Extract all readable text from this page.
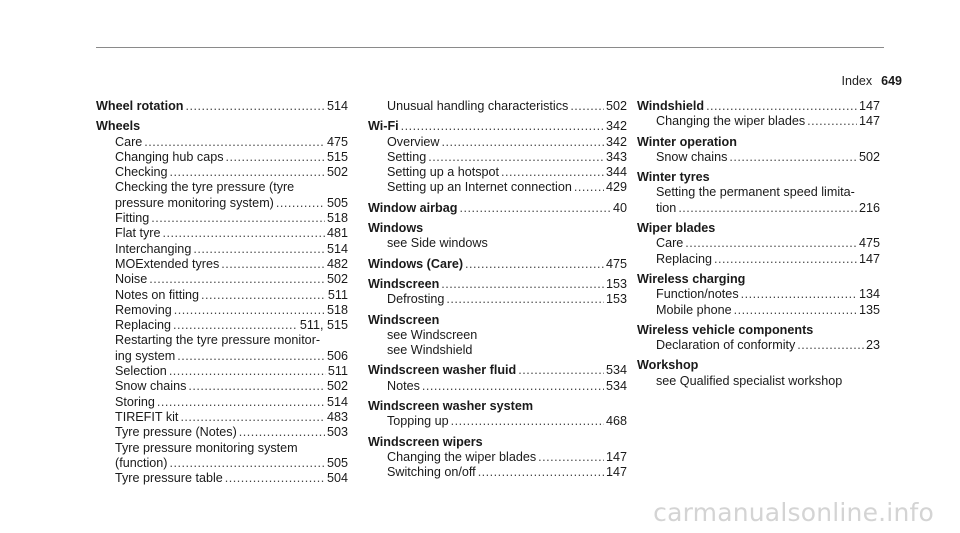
Index 649
Wheel rotation .....	514
Wheels
Care .....	475
Changing hub caps .....	515
Checking .....	502
Checking the tyre pressure (tyre
pressure monitoring system) .....	505
Fitting .....	518
Flat tyre .....	481
Interchanging .....	514
MOExtended tyres .....	482
Noise .....	502
Notes on fitting .....	511
Removing .....	518
Replacing .....	511, 515
Restarting the tyre pressure monitor-
ing system .....	506
Selection .....	511
Snow chains .....	502
Storing .....	514
TIREFIT kit .....	483
Tyre pressure (Notes) .....	503
Tyre pressure monitoring system
(function) .....	505
Tyre pressure table .....	504
Unusual handling characteristics .....	502
Wi-Fi .....	342
Overview .....	342
Setting .....	343
Setting up a hotspot .....	344
Setting up an Internet connection .....	429
Window airbag .....	40
Windows
see Side windows
Windows (Care) .....	475
Windscreen .....	153
Defrosting .....	153
Windscreen
see Windscreen
see Windshield
Windscreen washer fluid .....	534
Notes .....	534
Windscreen washer system
Topping up .....	468
Windscreen wipers
Changing the wiper blades .....	147
Switching on/off .....	147
Windshield .....	147
Changing the wiper blades .....	147
Winter operation
Snow chains .....	502
Winter tyres
Setting the permanent speed limita-
tion .....	216
Wiper blades
Care .....	475
Replacing .....	147
Wireless charging
Function/notes .....	134
Mobile phone .....	135
Wireless vehicle components
Declaration of conformity .....	23
Workshop
see Qualified specialist workshop
carmanualsonline.info
